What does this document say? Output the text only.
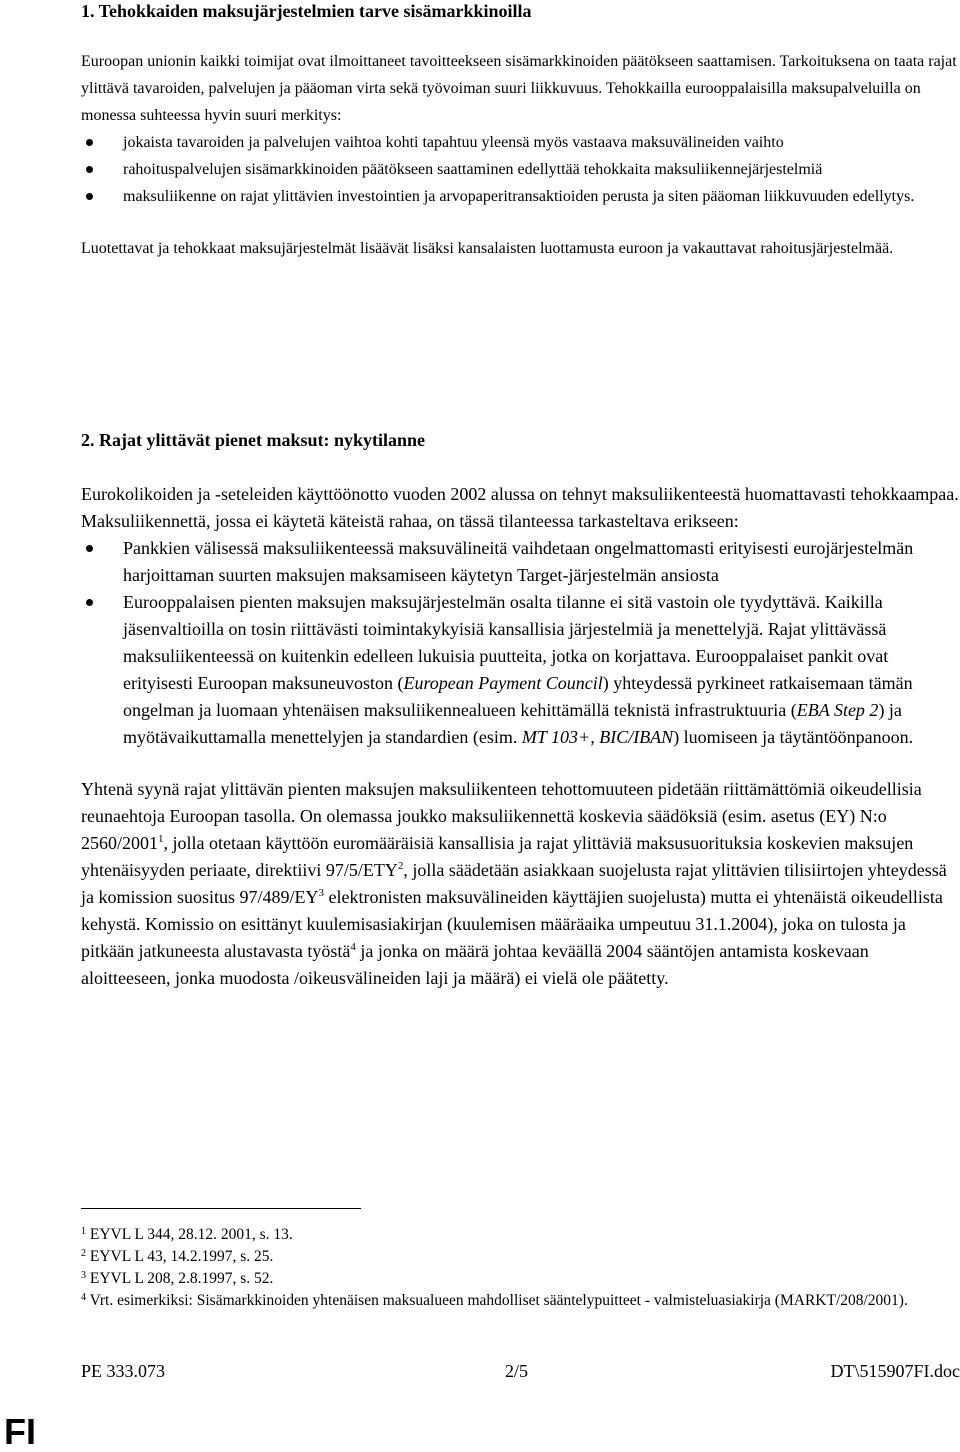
1. Tehokkaiden maksujärjestelmien tarve sisämarkkinoilla

Euroopan unionin kaikki toimijat ovat ilmoittaneet tavoitteekseen sisämarkkinoiden päätökseen saattamisen. Tarkoituksena on taata rajat ylittävä tavaroiden, palvelujen ja pääoman virta sekä työvoiman suuri liikkuvuus. Tehokkailla eurooppalaisilla maksupalveluilla on monessa suhteessa hyvin suuri merkitys:

jokaista tavaroiden ja palvelujen vaihtoa kohti tapahtuu yleensä myös vastaava maksuvälineiden vaihto
rahoituspalvelujen sisämarkkinoiden päätökseen saattaminen edellyttää tehokkaita maksuliikennejärjestelmiä
maksuliikenne on rajat ylittävien investointien ja arvopaperitransaktioiden perusta ja siten pääoman liikkuvuuden edellytys.

Luotettavat ja tehokkaat maksujärjestelmät lisäävät lisäksi kansalaisten luottamusta euroon ja vakauttavat rahoitusjärjestelmää.

2. Rajat ylittävät pienet maksut: nykytilanne

Eurokolikoiden ja -seteleiden käyttöönotto vuoden 2002 alussa on tehnyt maksuliikenteestä huomattavasti tehokkaampaa. Maksuliikennettä, jossa ei käytetä käteistä rahaa, on tässä tilanteessa tarkasteltava erikseen:

Pankkien välisessä maksuliikenteessä maksuvälineitä vaihdetaan ongelmattomasti erityisesti eurojärjestelmän harjoittaman suurten maksujen maksamiseen käytetyn Target-järjestelmän ansiosta
Eurooppalaisen pienten maksujen maksujärjestelmän osalta tilanne ei sitä vastoin ole tyydyttävä. Kaikilla jäsenvaltioilla on tosin riittävästi toimintakykyisiä kansallisia järjestelmiä ja menettelyjä. Rajat ylittävässä maksuliikenteessä on kuitenkin edelleen lukuisia puutteita, jotka on korjattava. Eurooppalaiset pankit ovat erityisesti Euroopan maksuneuvoston (European Payment Council) yhteydessä pyrkineet ratkaisemaan tämän ongelman ja luomaan yhtenäisen maksuliikennealueen kehittämällä teknistä infrastruktuuria (EBA Step 2) ja myötävaikuttamalla menettelyjen ja standardien (esim. MT 103+, BIC/IBAN) luomiseen ja täytäntöönpanoon.

Yhtenä syynä rajat ylittävän pienten maksujen maksuliikenteen tehottomuuteen pidetään riittämättömiä oikeudellisia reunaehtoja Euroopan tasolla. On olemassa joukko maksuliikennettä koskevia säädöksiä (esim. asetus (EY) N:o 2560/2001$^1$, jolla otetaan käyttöön euromääräisiä kansallisia ja rajat ylittäviä maksusuorituksia koskevien maksujen yhtenäisyyden periaate, direktiivi 97/5/ETY$^2$, jolla säädetään asiakkaan suojelusta rajat ylittävien tilisiirtojen yhteydessä ja komission suositus $97/489/EY^3$ elektronisten maksuvälineiden käyttäjien suojelusta) mutta ei yhtenäistä oikeudellista kehystä. Komissio on esittänyt kuulemisasiakirjan (kuulemisen määräaika umpeutuu 31.1.2004), joka on tulosta ja pitkään jatkuneesta alustavasta työstä$^4$ ja jonka on määrä johtaa keväällä 2004 sääntöjen antamista koskevaan aloitteeseen, jonka muodosta /oikeusvälineiden laji ja määrä) ei vielä ole päätetty.

$^1$ EYVL L 344, 28.12. 2001, s. 13.
$^2$ EYVL L 43, 14.2.1997, s. 25.
$^3$ EYVL L 208, 2.8.1997, s. 52.
$^4$ Vrt. esimerkiksi: Sisämarkkinoiden yhtenäisen maksualueen mahdolliset sääntelypuitteet - valmisteluasiakirja (MARKT/208/2001).
PE 333.073	2/5	DT\515907FI.doc
FI
